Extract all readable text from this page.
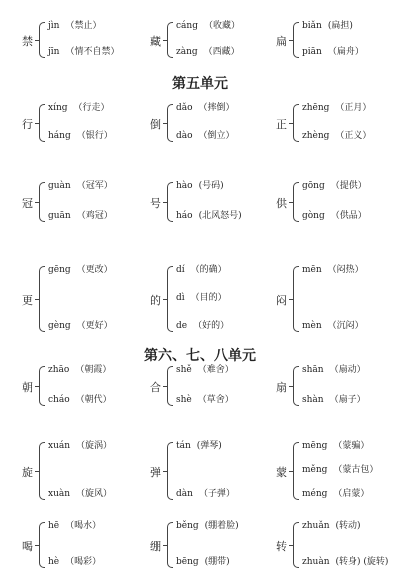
第五单元
第六、七、八单元
禁
jìn （禁止）
jīn （情不自禁）
藏
cáng （收藏）
zàng （西藏）
扁
biǎn (扁担)
piān （扁舟）
行
xíng （行走）
háng （银行）
倒
dǎo （摔倒）
dào （倒立）
正
zhēng （正月）
zhèng （正义）
冠
guàn （冠军）
guān （鸡冠）
号
hào (号码)
háo (北风怒号)
供
gōng （提供）
gòng （供品）
更
gēng （更改）
gèng （更好）
的
dí （的确）
dì （目的）
de （好的）
闷
mēn （闷热）
mèn （沉闷）
朝
zhāo （朝霞）
cháo （朝代）
合
shě （难舍）
shè （草舍）
扇
shān （扇动）
shàn （扇子）
旋
xuán （旋涡）
xuàn （旋风）
弹
tán (弹琴)
dàn （子弹）
蒙
mēng （蒙骗）
měng （蒙古包）
méng （启蒙）
喝
hē （喝水）
hè （喝彩）
绷
běng (绷着脸)
bēng (绷带)
转
zhuǎn (转动)
zhuàn (转身) (旋转)
